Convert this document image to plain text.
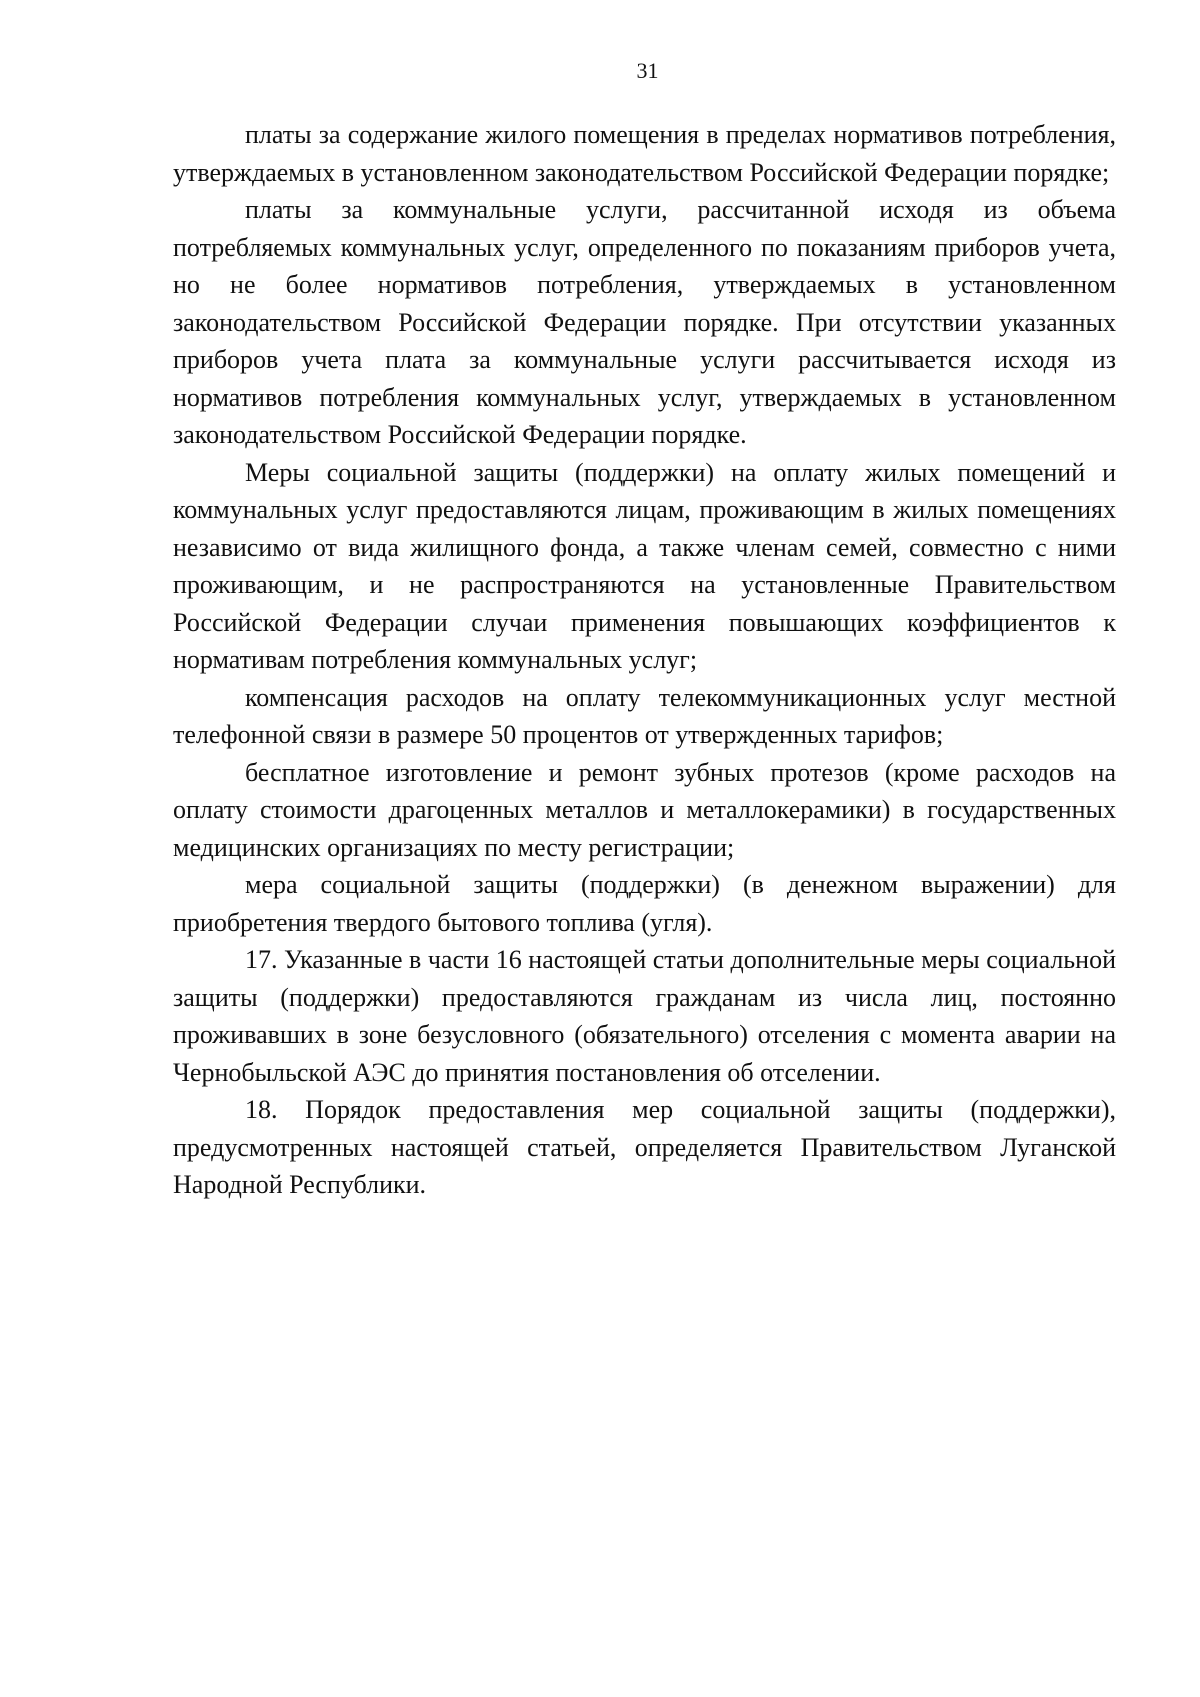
31

платы за содержание жилого помещения в пределах нормативов потребления, утверждаемых в установленном законодательством Российской Федерации порядке;

платы за коммунальные услуги, рассчитанной исходя из объема потребляемых коммунальных услуг, определенного по показаниям приборов учета, но не более нормативов потребления, утверждаемых в установленном законодательством Российской Федерации порядке. При отсутствии указанных приборов учета плата за коммунальные услуги рассчитывается исходя из нормативов потребления коммунальных услуг, утверждаемых в установленном законодательством Российской Федерации порядке.

Меры социальной защиты (поддержки) на оплату жилых помещений и коммунальных услуг предоставляются лицам, проживающим в жилых помещениях независимо от вида жилищного фонда, а также членам семей, совместно с ними проживающим, и не распространяются на установленные Правительством Российской Федерации случаи применения повышающих коэффициентов к нормативам потребления коммунальных услуг;

компенсация расходов на оплату телекоммуникационных услуг местной телефонной связи в размере 50 процентов от утвержденных тарифов;

бесплатное изготовление и ремонт зубных протезов (кроме расходов на оплату стоимости драгоценных металлов и металлокерамики) в государственных медицинских организациях по месту регистрации;

мера социальной защиты (поддержки) (в денежном выражении) для приобретения твердого бытового топлива (угля).

17. Указанные в части 16 настоящей статьи дополнительные меры социальной защиты (поддержки) предоставляются гражданам из числа лиц, постоянно проживавших в зоне безусловного (обязательного) отселения с момента аварии на Чернобыльской АЭС до принятия постановления об отселении.

18. Порядок предоставления мер социальной защиты (поддержки), предусмотренных настоящей статьей, определяется Правительством Луганской Народной Республики.
